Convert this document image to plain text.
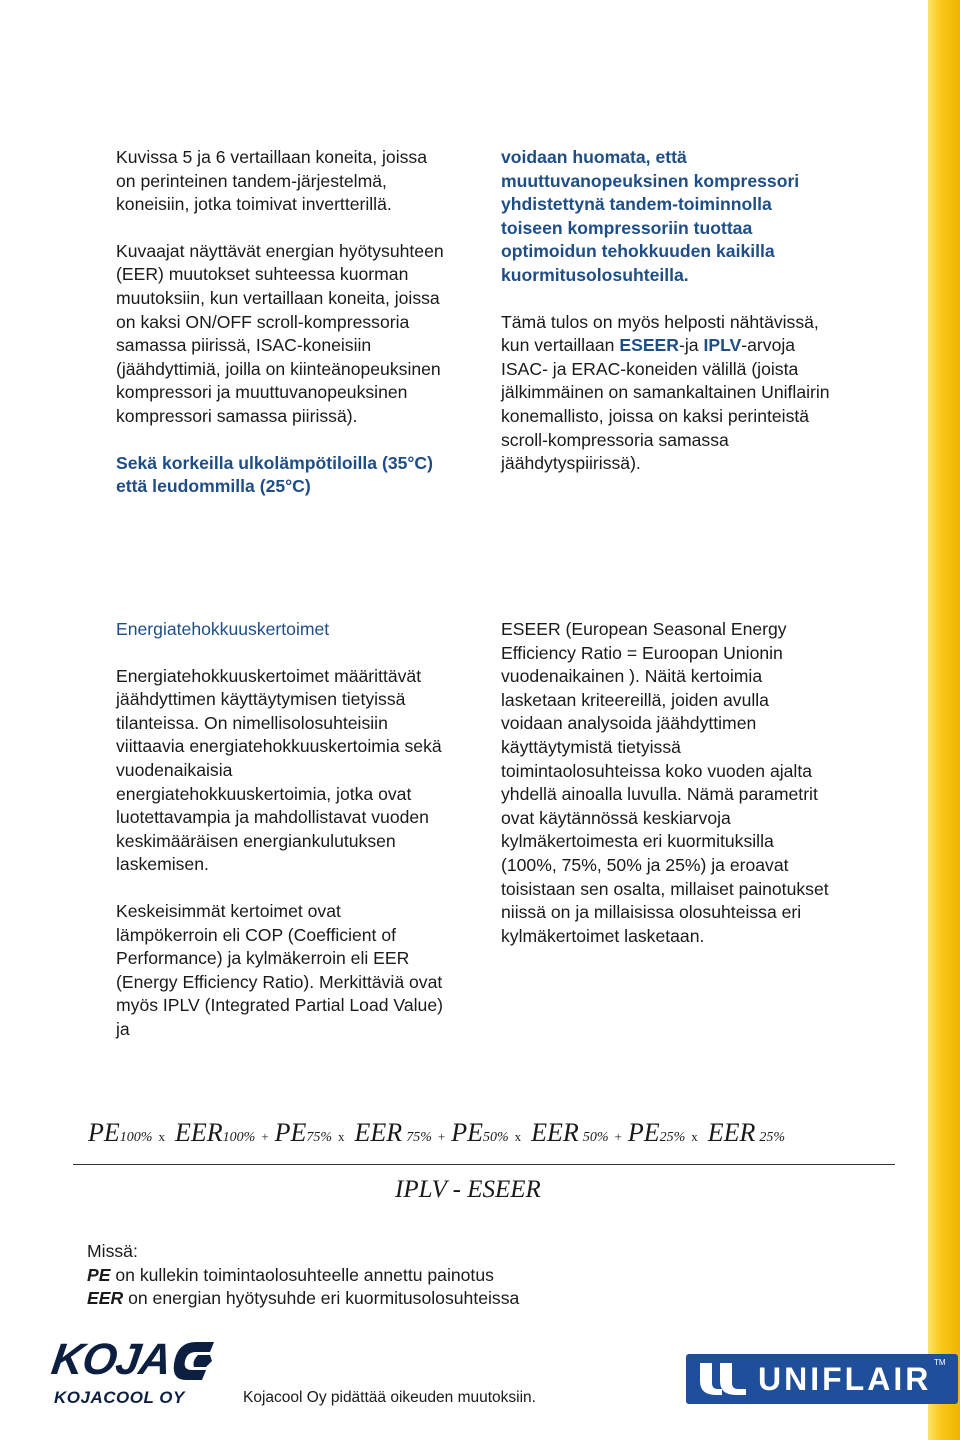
Kuvissa 5 ja 6 vertaillaan koneita, joissa on perinteinen tandem-järjestelmä, koneisiin, jotka toimivat invertterillä.

Kuvaajat näyttävät energian hyötysuhteen (EER) muutokset suhteessa kuorman muutoksiin, kun vertaillaan koneita, joissa on kaksi ON/OFF scroll-kompressoria samassa piirissä, ISAC-koneisiin (jäähdyttimiä, joilla on kiinteänopeuksinen kompressori ja muuttuvanopeuksinen kompressori samassa piirissä).

Sekä korkeilla ulkolämpötiloilla (35°C) että leudommilla (25°C)

voidaan huomata, että muuttuvanopeuksinen kompressori yhdistettynä tandem-toiminnolla toiseen kompressoriin tuottaa optimoidun tehokkuuden kaikilla kuormitusolosuhteilla.

Tämä tulos on myös helposti nähtävissä, kun vertaillaan ESEER-ja IPLV-arvoja ISAC- ja ERAC-koneiden välillä (joista jälkimmäinen on samankaltainen Uniflairin konemallisto, joissa on kaksi perinteistä scroll-kompressoria samassa jäähdytyspiirissä).

Energiatehokkuuskertoimet

Energiatehokkuuskertoimet määrittävät jäähdyttimen käyttäytymisen tietyissä tilanteissa. On nimellisolosuhteisiin viittaavia energiatehokkuuskertoimia sekä vuodenaikaisia energiatehokkuuskertoimia, jotka ovat luotettavampia ja mahdollistavat vuoden keskimääräisen energiankulutuksen laskemisen.

Keskeisimmät kertoimet ovat lämpökerroin eli COP (Coefficient of Performance) ja kylmäkerroin eli EER (Energy Efficiency Ratio). Merkittäviä ovat myös IPLV (Integrated Partial Load Value) ja

ESEER (European Seasonal Energy Efficiency Ratio = Euroopan Unionin vuodenaikainen ). Näitä kertoimia lasketaan kriteereillä, joiden avulla voidaan analysoida jäähdyttimen käyttäytymistä tietyissä toimintaolosuhteissa koko vuoden ajalta yhdellä ainoalla luvulla. Nämä parametrit ovat käytännössä keskiarvoja kylmäkertoimesta eri kuormituksilla (100%, 75%, 50% ja 25%) ja eroavat toisistaan sen osalta, millaiset painotukset niissä on ja millaisissa olosuhteissa eri kylmäkertoimet lasketaan.

PE100% x EER100% + PE75% x EER 75% + PE50% x EER 50% + PE25% x EER 25%
IPLV - ESEER

Missä:

PE on kullekin toimintaolosuhteelle annettu painotus

EER on energian hyötysuhde eri kuormitusolosuhteissa

KOJA
KOJACOOL OY	Kojacool Oy pidättää oikeuden muutoksiin.
UNIFLAIR TM
